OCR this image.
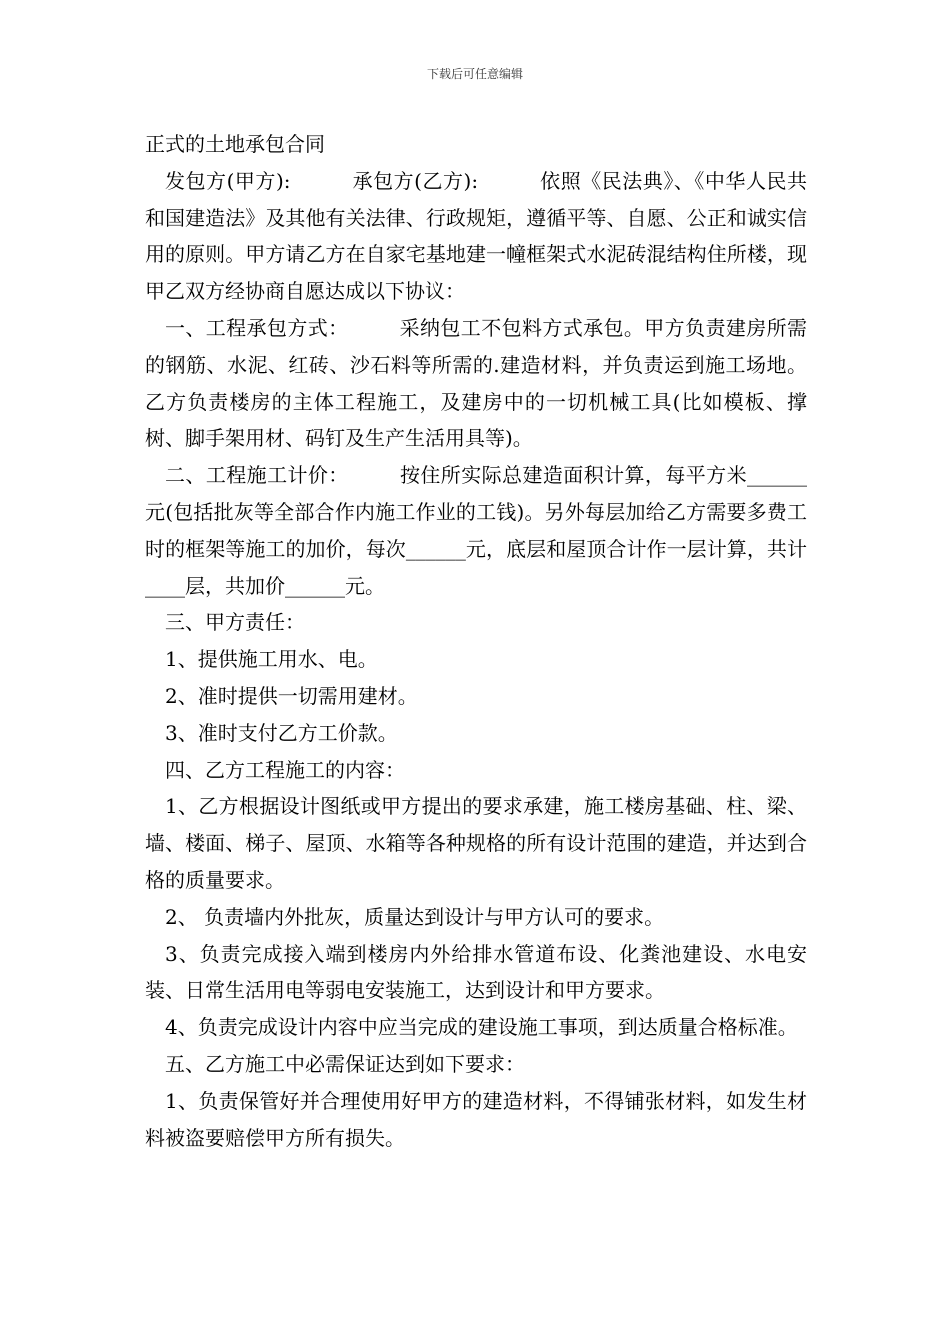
下载后可任意编辑

正式的土地承包合同

发包方(甲方):　　　承包方(乙方):　　　依照《民法典》、《中华人民共和国建造法》及其他有关法律、行政规矩，遵循平等、自愿、公正和诚实信用的原则。甲方请乙方在自家宅基地建一幢框架式水泥砖混结构住所楼，现甲乙双方经协商自愿达成以下协议：

一、工程承包方式：　　　采纳包工不包料方式承包。甲方负责建房所需的钢筋、水泥、红砖、沙石料等所需的.建造材料，并负责运到施工场地。乙方负责楼房的主体工程施工，及建房中的一切机械工具(比如模板、撑树、脚手架用材、码钉及生产生活用具等)。

二、工程施工计价：　　　按住所实际总建造面积计算，每平方米______元(包括批灰等全部合作内施工作业的工钱)。另外每层加给乙方需要多费工时的框架等施工的加价，每次______元，底层和屋顶合计作一层计算，共计____层，共加价______元。

三、甲方责任：

1、提供施工用水、电。

2、准时提供一切需用建材。

3、准时支付乙方工价款。

四、乙方工程施工的内容：

1、乙方根据设计图纸或甲方提出的要求承建，施工楼房基础、柱、梁、墙、楼面、梯子、屋顶、水箱等各种规格的所有设计范围的建造，并达到合格的质量要求。

2、 负责墙内外批灰，质量达到设计与甲方认可的要求。

3、负责完成接入端到楼房内外给排水管道布设、化粪池建设、水电安装、日常生活用电等弱电安装施工，达到设计和甲方要求。

4、负责完成设计内容中应当完成的建设施工事项，到达质量合格标准。

五、乙方施工中必需保证达到如下要求：

1、负责保管好并合理使用好甲方的建造材料，不得铺张材料，如发生材料被盗要赔偿甲方所有损失。
